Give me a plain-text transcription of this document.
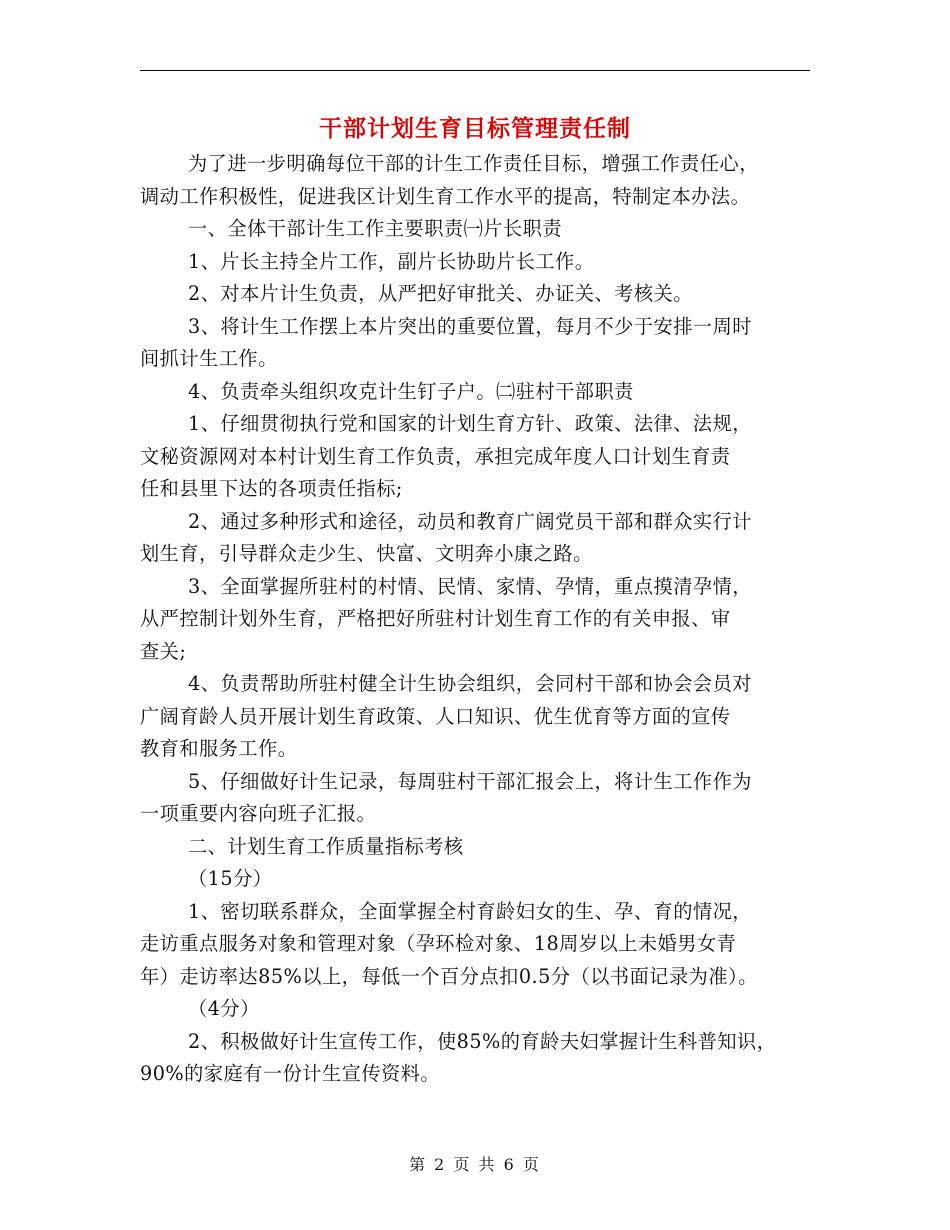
干部计划生育目标管理责任制

为了进一步明确每位干部的计生工作责任目标，增强工作责任心，

调动工作积极性，促进我区计划生育工作水平的提高，特制定本办法。

一、全体干部计生工作主要职责㈠片长职责

1、片长主持全片工作，副片长协助片长工作。

2、对本片计生负责，从严把好审批关、办证关、考核关。

3、将计生工作摆上本片突出的重要位置，每月不少于安排一周时

间抓计生工作。

4、负责牵头组织攻克计生钉子户。㈡驻村干部职责

1、仔细贯彻执行党和国家的计划生育方针、政策、法律、法规，

文秘资源网对本村计划生育工作负责，承担完成年度人口计划生育责

任和县里下达的各项责任指标;

2、通过多种形式和途径，动员和教育广阔党员干部和群众实行计

划生育，引导群众走少生、快富、文明奔小康之路。

3、全面掌握所驻村的村情、民情、家情、孕情，重点摸清孕情，

从严控制计划外生育，严格把好所驻村计划生育工作的有关申报、审

查关;

4、负责帮助所驻村健全计生协会组织，会同村干部和协会会员对

广阔育龄人员开展计划生育政策、人口知识、优生优育等方面的宣传

教育和服务工作。

5、仔细做好计生记录，每周驻村干部汇报会上，将计生工作作为

一项重要内容向班子汇报。

二、计划生育工作质量指标考核

（15分）

1、密切联系群众，全面掌握全村育龄妇女的生、孕、育的情况，

走访重点服务对象和管理对象（孕环检对象、18周岁以上未婚男女青

年）走访率达85%以上，每低一个百分点扣0.5分（以书面记录为准）。

（4分）

2、积极做好计生宣传工作，使85%的育龄夫妇掌握计生科普知识，

90%的家庭有一份计生宣传资料。

第 2 页 共 6 页
